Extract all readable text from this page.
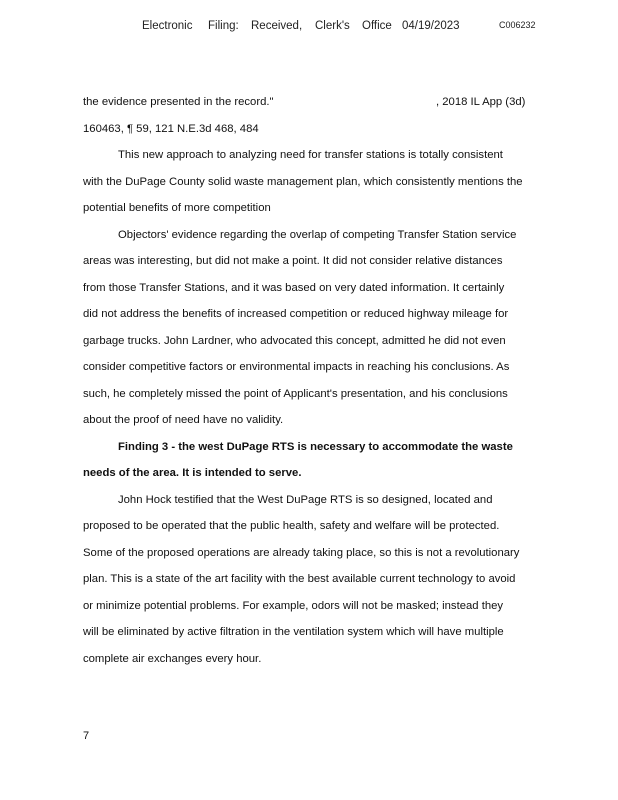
Electronic Filing: Received, Clerk's Office 04/19/2023	C006232
the evidence presented in the record."	, 2018 IL App (3d)
160463, ¶ 59, 121 N.E.3d 468, 484
This new approach to analyzing need for transfer stations is totally consistent
with the DuPage County solid waste management plan, which consistently mentions the
potential benefits of more competition
Objectors' evidence regarding the overlap of competing Transfer Station service
areas was interesting, but did not make a point. It did not consider relative distances
from those Transfer Stations, and it was based on very dated information. It certainly
did not address the benefits of increased competition or reduced highway mileage for
garbage trucks. John Lardner, who advocated this concept, admitted he did not even
consider competitive factors or environmental impacts in reaching his conclusions. As
such, he completely missed the point of Applicant's presentation, and his conclusions
about the proof of need have no validity.
Finding 3 - the west DuPage RTS is necessary to accommodate the waste
needs of the area. It is intended to serve.
John Hock testified that the West DuPage RTS is so designed, located and
proposed to be operated that the public health, safety and welfare will be protected.
Some of the proposed operations are already taking place, so this is not a revolutionary
plan. This is a state of the art facility with the best available current technology to avoid
or minimize potential problems. For example, odors will not be masked; instead they
will be eliminated by active filtration in the ventilation system which will have multiple
complete air exchanges every hour.
7
